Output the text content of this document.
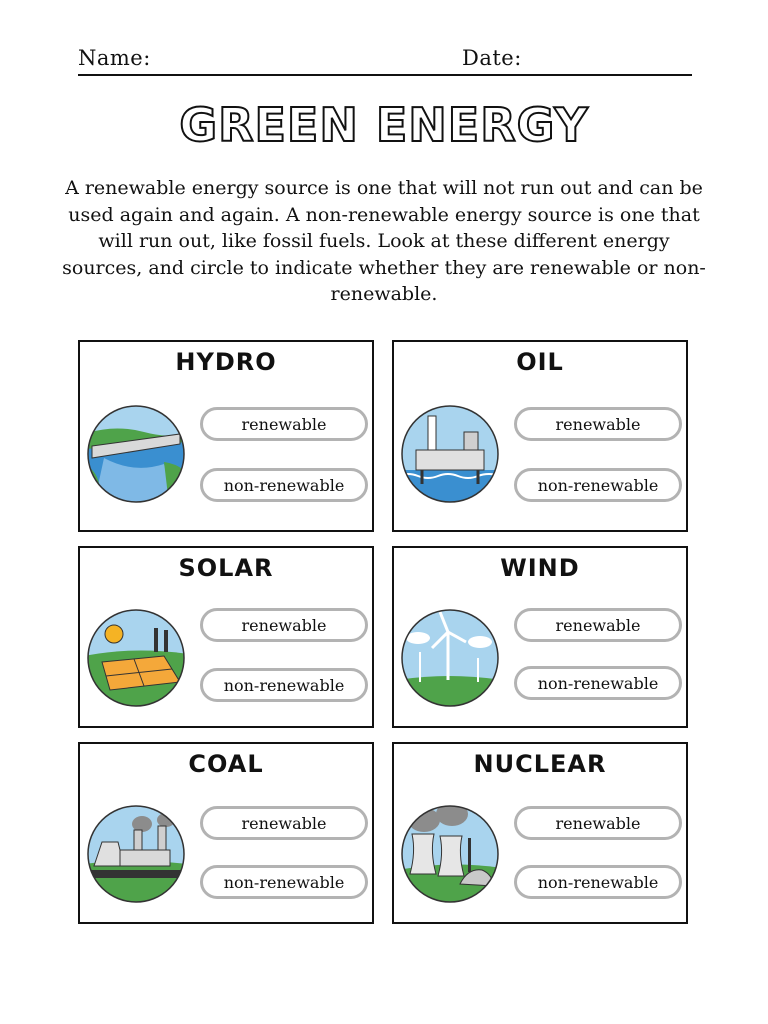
Name:	Date:
GREEN ENERGY
A renewable energy source is one that will not run out and can be used again and again. A non-renewable energy source is one that will run out, like fossil fuels. Look at these different energy sources, and circle to indicate whether they are renewable or non-renewable.
HYDRO
renewable
non-renewable
OIL
renewable
non-renewable
SOLAR
renewable
non-renewable
WIND
renewable
non-renewable
COAL
renewable
non-renewable
NUCLEAR
renewable
non-renewable
